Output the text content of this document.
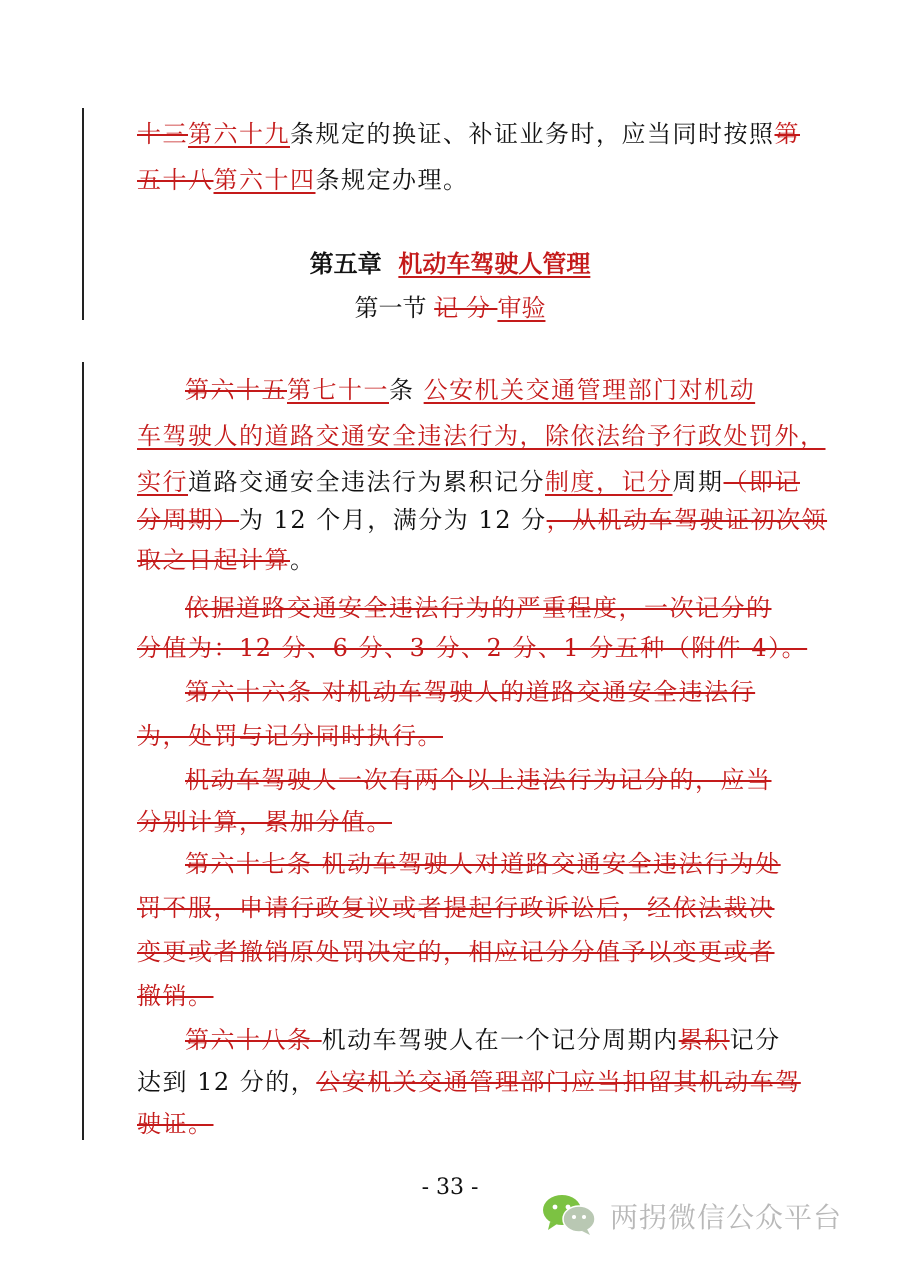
十三第六十九条规定的换证、补证业务时，应当同时按照第
五十八第六十四条规定办理。
第五章 机动车驾驶人管理
第一节 记 分 审验
第六十五第七十一条 公安机关交通管理部门对机动
车驾驶人的道路交通安全违法行为，除依法给予行政处罚外，
实行道路交通安全违法行为累积记分制度，记分周期（即记
分周期）为 12 个月，满分为 12 分，从机动车驾驶证初次领
取之日起计算。
依据道路交通安全违法行为的严重程度，一次记分的
分值为：12 分、6 分、3 分、2 分、1 分五种（附件 4）。
第六十六条 对机动车驾驶人的道路交通安全违法行
为，处罚与记分同时执行。
机动车驾驶人一次有两个以上违法行为记分的，应当
分别计算，累加分值。
第六十七条 机动车驾驶人对道路交通安全违法行为处
罚不服，申请行政复议或者提起行政诉讼后，经依法裁决
变更或者撤销原处罚决定的，相应记分分值予以变更或者
撤销。
第六十八条 机动车驾驶人在一个记分周期内累积记分
达到 12 分的，公安机关交通管理部门应当扣留其机动车驾
驶证。
- 33 -
两拐微信公众平台
